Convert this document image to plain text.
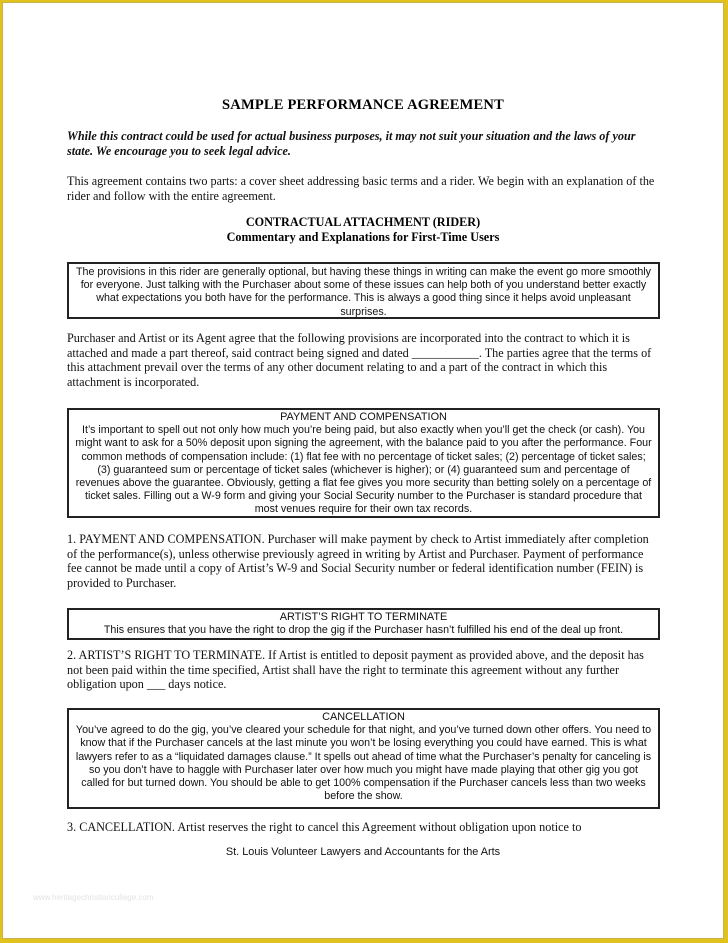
SAMPLE PERFORMANCE AGREEMENT
While this contract could be used for actual business purposes, it may not suit your situation and the laws of your state. We encourage you to seek legal advice.
This agreement contains two parts: a cover sheet addressing basic terms and a rider. We begin with an explanation of the rider and follow with the entire agreement.
CONTRACTUAL ATTACHMENT (RIDER)
Commentary and Explanations for First-Time Users
The provisions in this rider are generally optional, but having these things in writing can make the event go more smoothly for everyone. Just talking with the Purchaser about some of these issues can help both of you understand better exactly what expectations you both have for the performance. This is always a good thing since it helps avoid unpleasant surprises.
Purchaser and Artist or its Agent agree that the following provisions are incorporated into the contract to which it is attached and made a part thereof, said contract being signed and dated ___________. The parties agree that the terms of this attachment prevail over the terms of any other document relating to and a part of the contract in which this attachment is incorporated.
PAYMENT AND COMPENSATION
It’s important to spell out not only how much you’re being paid, but also exactly when you’ll get the check (or cash). You might want to ask for a 50% deposit upon signing the agreement, with the balance paid to you after the performance. Four common methods of compensation include: (1) flat fee with no percentage of ticket sales; (2) percentage of ticket sales; (3) guaranteed sum or percentage of ticket sales (whichever is higher); or (4) guaranteed sum and percentage of revenues above the guarantee. Obviously, getting a flat fee gives you more security than betting solely on a percentage of ticket sales. Filling out a W-9 form and giving your Social Security number to the Purchaser is standard procedure that most venues require for their own tax records.
1. PAYMENT AND COMPENSATION. Purchaser will make payment by check to Artist immediately after completion of the performance(s), unless otherwise previously agreed in writing by Artist and Purchaser. Payment of performance fee cannot be made until a copy of Artist’s W-9 and Social Security number or federal identification number (FEIN) is provided to Purchaser.
ARTIST’S RIGHT TO TERMINATE
This ensures that you have the right to drop the gig if the Purchaser hasn’t fulfilled his end of the deal up front.
2. ARTIST’S RIGHT TO TERMINATE. If Artist is entitled to deposit payment as provided above, and the deposit has not been paid within the time specified, Artist shall have the right to terminate this agreement without any further obligation upon ___ days notice.
CANCELLATION
You’ve agreed to do the gig, you’ve cleared your schedule for that night, and you’ve turned down other offers. You need to know that if the Purchaser cancels at the last minute you won’t be losing everything you could have earned. This is what lawyers refer to as a “liquidated damages clause.” It spells out ahead of time what the Purchaser’s penalty for canceling is so you don’t have to haggle with Purchaser later over how much you might have made playing that other gig you got called for but turned down. You should be able to get 100% compensation if the Purchaser cancels less than two weeks before the show.
3. CANCELLATION. Artist reserves the right to cancel this Agreement without obligation upon notice to
St. Louis Volunteer Lawyers and Accountants for the Arts
www.heritagechristiancollege.com
